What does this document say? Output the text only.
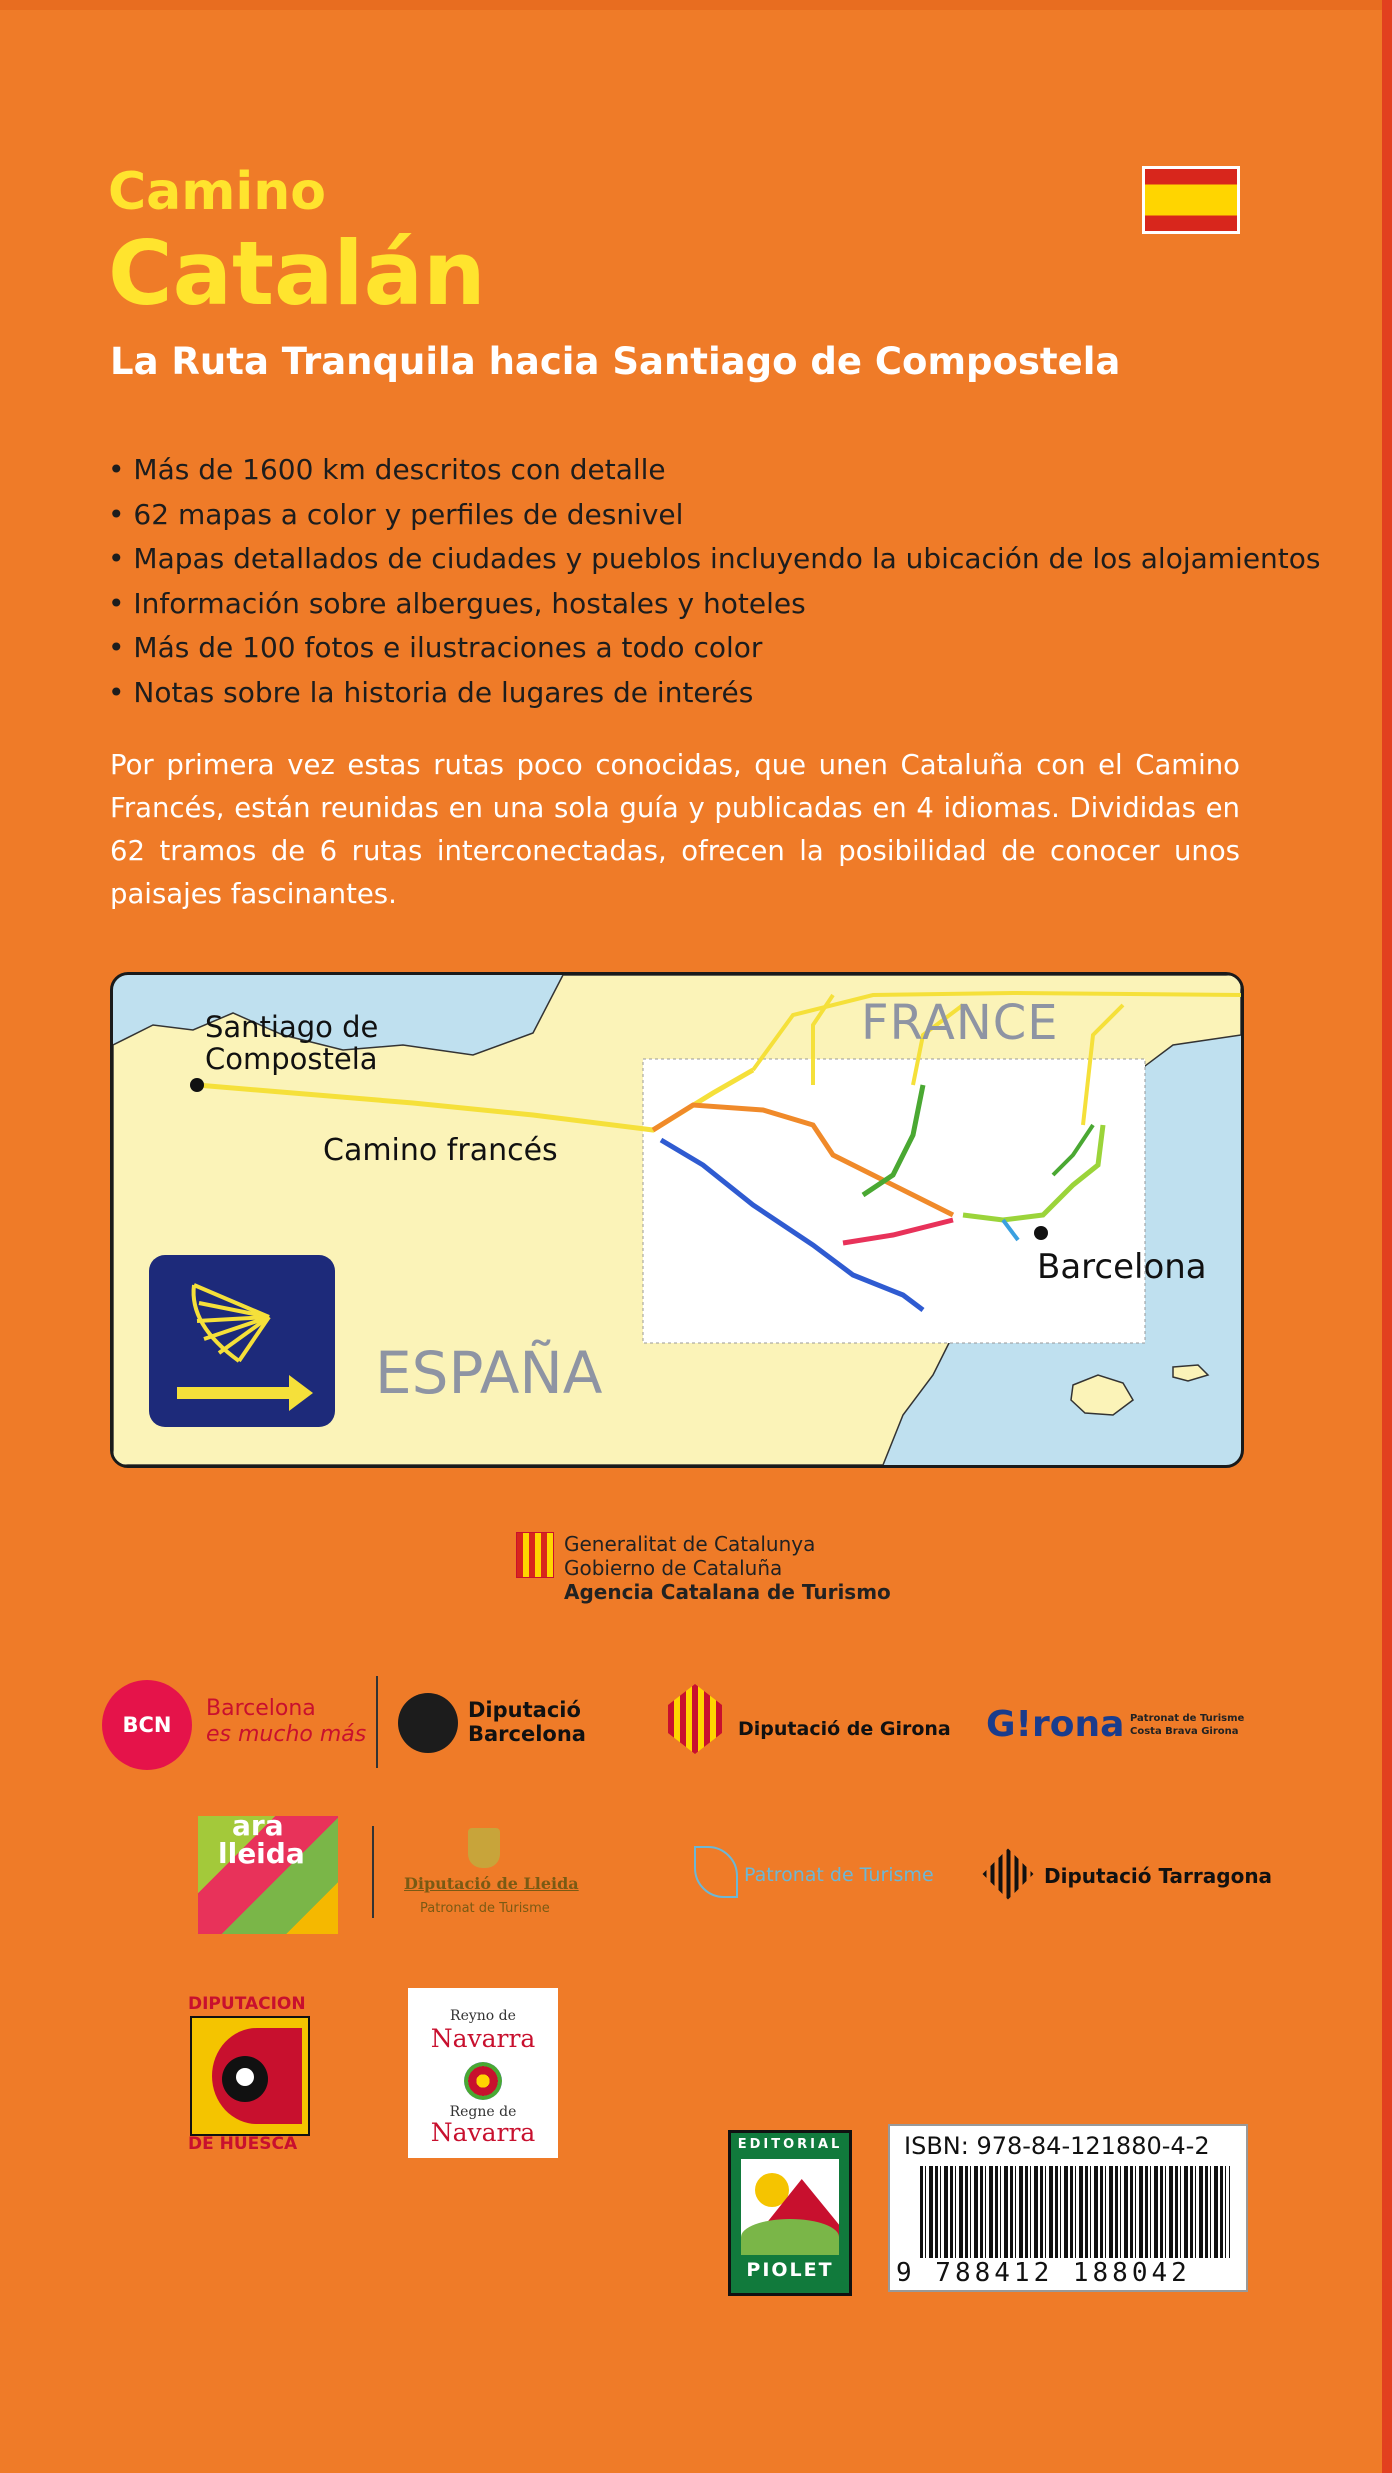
Camino
Catalán
La Ruta Tranquila hacia Santiago de Compostela
• Más de 1600 km descritos con detalle
• 62 mapas a color y perfiles de desnivel
• Mapas detallados de ciudades y pueblos incluyendo la ubicación de los alojamientos
• Información sobre albergues, hostales y hoteles
• Más de 100 fotos e ilustraciones a todo color
• Notas sobre la historia de lugares de interés

Por primera vez estas rutas poco conocidas, que unen Cataluña con el Camino Francés, están reunidas en una sola guía y publicadas en 4 idiomas. Divididas en 62 tramos de 6 rutas interconectadas, ofrecen la posibilidad de conocer unos paisajes fascinantes.

Santiago de Compostela
Camino francés
Barcelona
FRANCE
ESPAÑA
Generalitat de Catalunya
Gobierno de Cataluña
Agencia Catalana de Turismo
BCN
Barcelona
es mucho más
Diputació
Barcelona	Diputació de Girona G!rona Patronat de Turisme
Costa Brava Girona
ara
lleida
Diputació de Lleida
Patronat de Turisme
Patronat de Turisme	Diputació Tarragona
DIPUTACION
DE HUESCA
Reyno de
Navarra
Regne de
Navarra	EDITORIAL
PIOLET
ISBN: 978-84-121880-4-2
9 788412 188042
